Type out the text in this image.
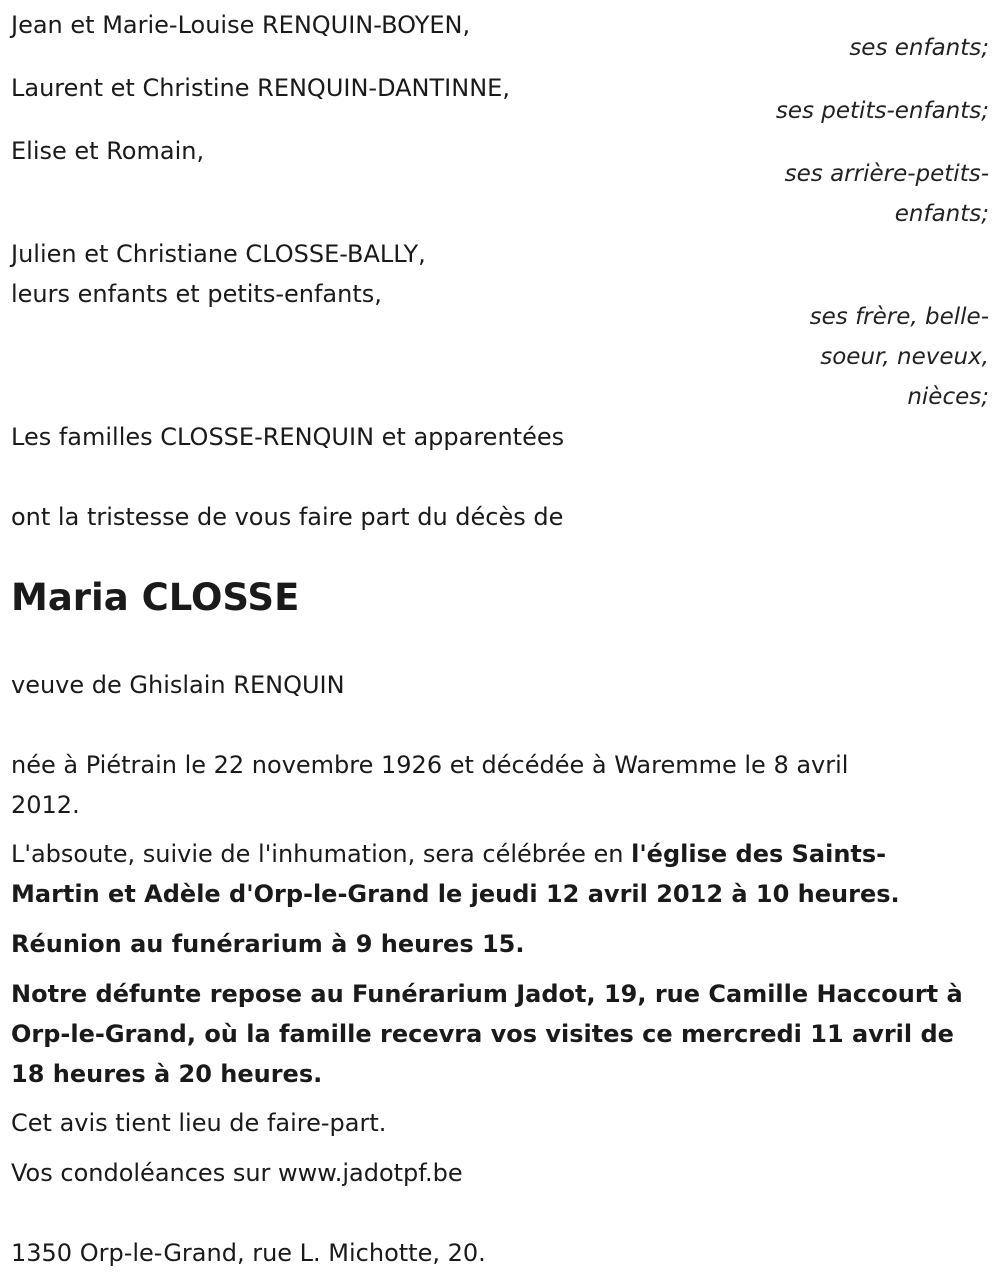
Jean et Marie-Louise RENQUIN-BOYEN,
Laurent et Christine RENQUIN-DANTINNE,
Elise et Romain,
Julien et Christiane CLOSSE-BALLY,
leurs enfants et petits-enfants,
Les familles CLOSSE-RENQUIN et apparentées
ses enfants;
ses petits-enfants;
ses arrière-petits-
enfants;
ses frère, belle-
soeur, neveux,
nièces;
ont la tristesse de vous faire part du décès de
Maria CLOSSE
veuve de Ghislain RENQUIN
née à Piétrain le 22 novembre 1926 et décédée à Waremme le 8 avril
2012.
L'absoute, suivie de l'inhumation, sera célébrée en l'église des Saints-
Martin et Adèle d'Orp-le-Grand le jeudi 12 avril 2012 à 10 heures.
Réunion au funérarium à 9 heures 15.
Notre défunte repose au Funérarium Jadot, 19, rue Camille Haccourt à
Orp-le-Grand, où la famille recevra vos visites ce mercredi 11 avril de
18 heures à 20 heures.
Cet avis tient lieu de faire-part.
Vos condoléances sur www.jadotpf.be
1350 Orp-le-Grand, rue L. Michotte, 20.
